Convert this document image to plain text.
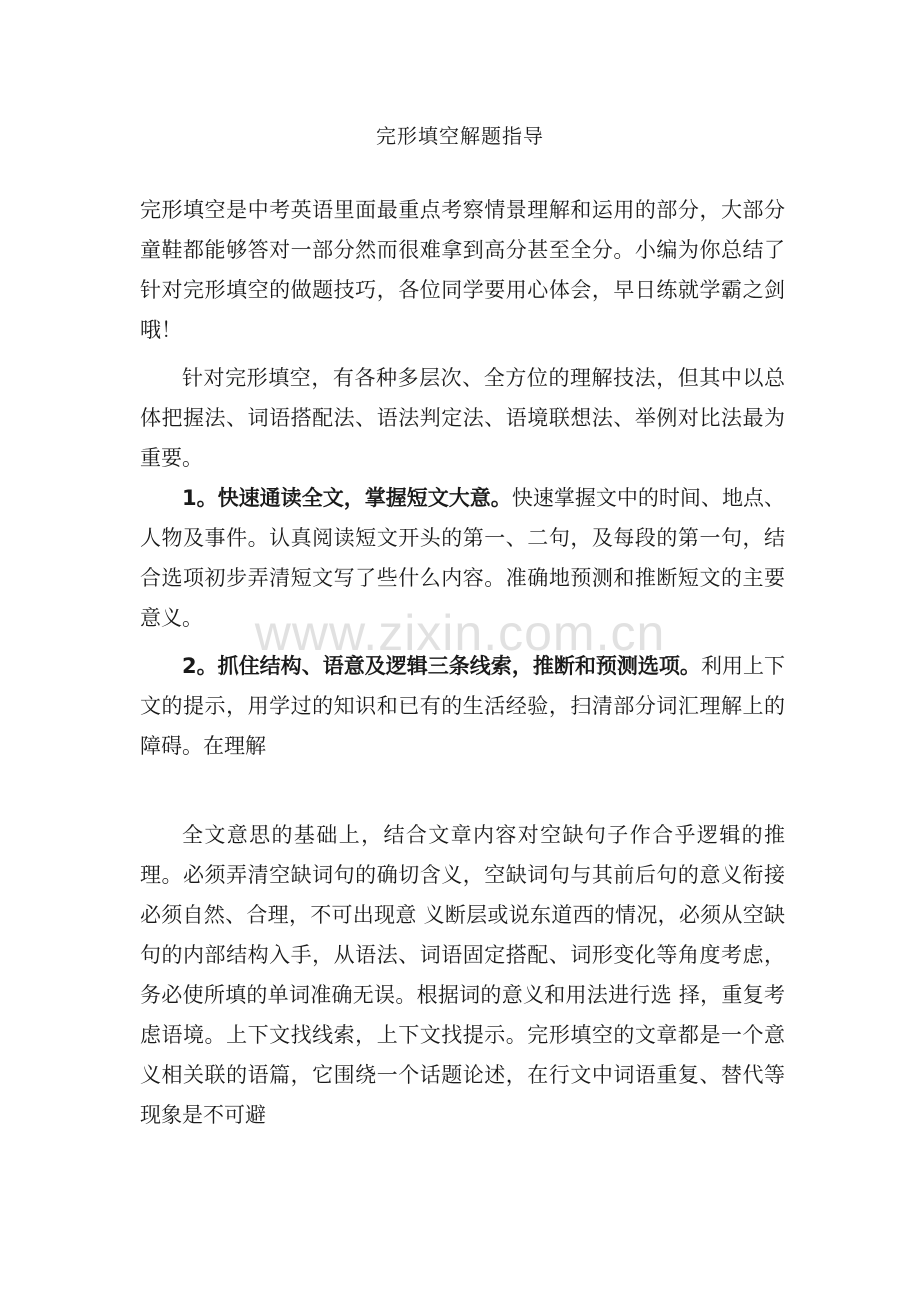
完形填空解题指导
完形填空是中考英语里面最重点考察情景理解和运用的部分，大部分童鞋都能够答对一部分然而很难拿到高分甚至全分。小编为你总结了针对完形填空的做题技巧，各位同学要用心体会，早日练就学霸之剑哦！
针对完形填空，有各种多层次、全方位的理解技法，但其中以总体把握法、词语搭配法、语法判定法、语境联想法、举例对比法最为重要。
1。快速通读全文，掌握短文大意。快速掌握文中的时间、地点、人物及事件。认真阅读短文开头的第一、二句，及每段的第一句，结合选项初步弄清短文写了些什么内容。准确地预测和推断短文的主要意义。
2。抓住结构、语意及逻辑三条线索，推断和预测选项。利用上下文的提示，用学过的知识和已有的生活经验，扫清部分词汇理解上的障碍。在理解
全文意思的基础上，结合文章内容对空缺句子作合乎逻辑的推理。必须弄清空缺词句的确切含义，空缺词句与其前后句的意义衔接必须自然、合理，不可出现意 义断层或说东道西的情况，必须从空缺句的内部结构入手，从语法、词语固定搭配、词形变化等角度考虑，务必使所填的单词准确无误。根据词的意义和用法进行选 择，重复考虑语境。上下文找线索，上下文找提示。完形填空的文章都是一个意义相关联的语篇，它围绕一个话题论述，在行文中词语重复、替代等现象是不可避
www.zixin.com.cn
